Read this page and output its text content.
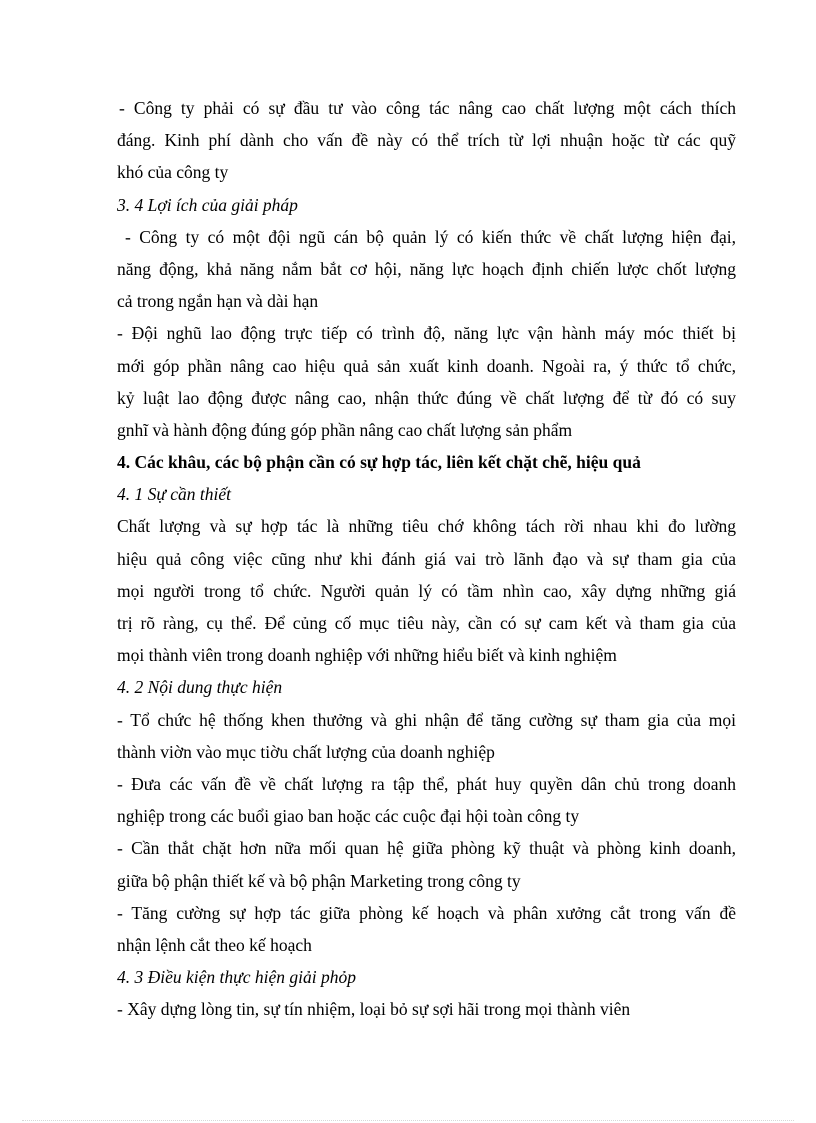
- Công ty phải có sự đầu tư vào công tác nâng cao chất lượng một cách thích
đáng. Kinh phí dành cho vấn đề này có thể trích từ lợi nhuận hoặc từ các quỹ
khó của công ty
3. 4 Lợi ích của giải pháp
- Công ty có một đội ngũ cán bộ quản lý có kiến thức về chất lượng hiện đại,
năng động, khả năng nắm bắt cơ hội, năng lực hoạch định chiến lược chốt lượng
cả trong ngắn hạn và dài hạn
- Đội nghũ lao động trực tiếp có trình độ, năng lực vận hành máy móc thiết bị
mới góp phần nâng cao hiệu quả sản xuất kinh doanh. Ngoài ra, ý thức tổ chức,
kỷ luật lao động được nâng cao, nhận thức đúng về chất lượng để từ đó có suy
gnhĩ và hành động đúng góp phần nâng cao chất lượng sản phẩm
4. Các khâu, các bộ phận cần có sự hợp tác, liên kết chặt chẽ, hiệu quả
4. 1 Sự cần thiết
Chất lượng và sự hợp tác là những tiêu chớ không tách rời nhau khi đo lường
hiệu quả công việc cũng như khi đánh giá vai trò lãnh đạo và sự tham gia của
mọi người trong tổ chức. Người quản lý có tầm nhìn cao, xây dựng những giá
trị rõ ràng, cụ thể. Để củng cố mục tiêu này, cần có sự cam kết và tham gia của
mọi thành viên trong doanh nghiệp với những hiểu biết và kinh nghiệm
4. 2 Nội dung thực hiện
- Tổ chức hệ thống khen thưởng và ghi nhận để tăng cường sự tham gia của mọi
thành viờn vào mục tiờu chất lượng của doanh nghiệp
- Đưa các vấn đề về chất lượng ra tập thể, phát huy quyền dân chủ trong doanh
nghiệp trong các buổi giao ban hoặc các cuộc đại hội toàn công ty
- Cần thắt chặt hơn nữa mối quan hệ giữa phòng kỹ thuật và phòng kinh doanh,
giữa bộ phận thiết kế và bộ phận Marketing trong công ty
- Tăng cường sự hợp tác giữa phòng kế hoạch và phân xưởng cắt trong vấn đề
nhận lệnh cắt theo kế hoạch
4. 3 Điều kiện thực hiện giải phỏp
- Xây dựng lòng tin, sự tín nhiệm, loại bỏ sự sợi hãi trong mọi thành viên
